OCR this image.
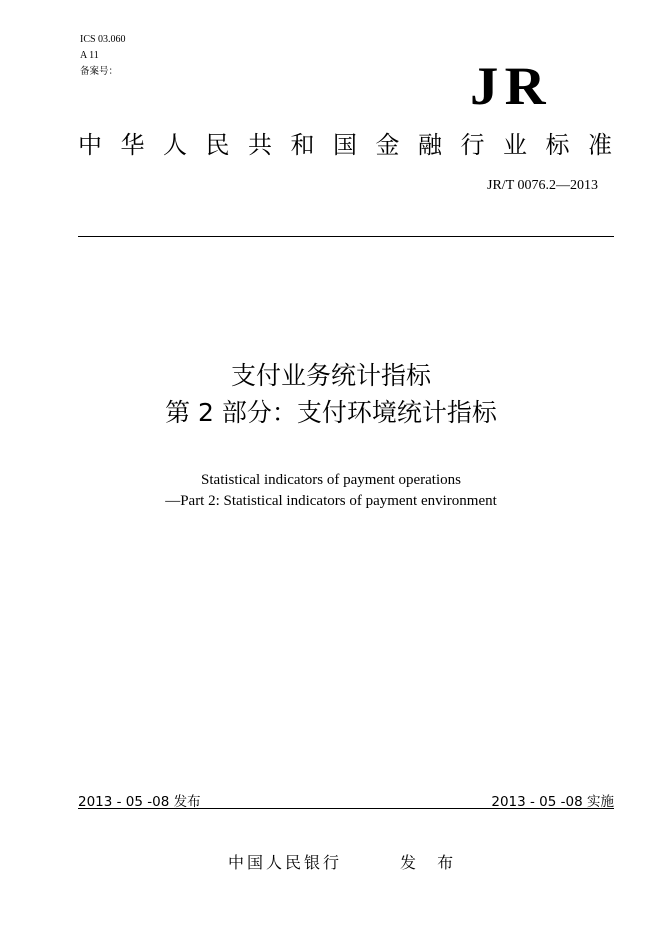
ICS 03.060
A 11
备案号：	JR
中华人民共和国金融行业标准
JR/T 0076.2—2013
支付业务统计指标
第 2 部分：支付环境统计指标
Statistical indicators of payment operations
—Part 2: Statistical indicators of payment environment
2013 - 05 -08 发布	2013 - 05 -08 实施
中国人民银行	发 布
